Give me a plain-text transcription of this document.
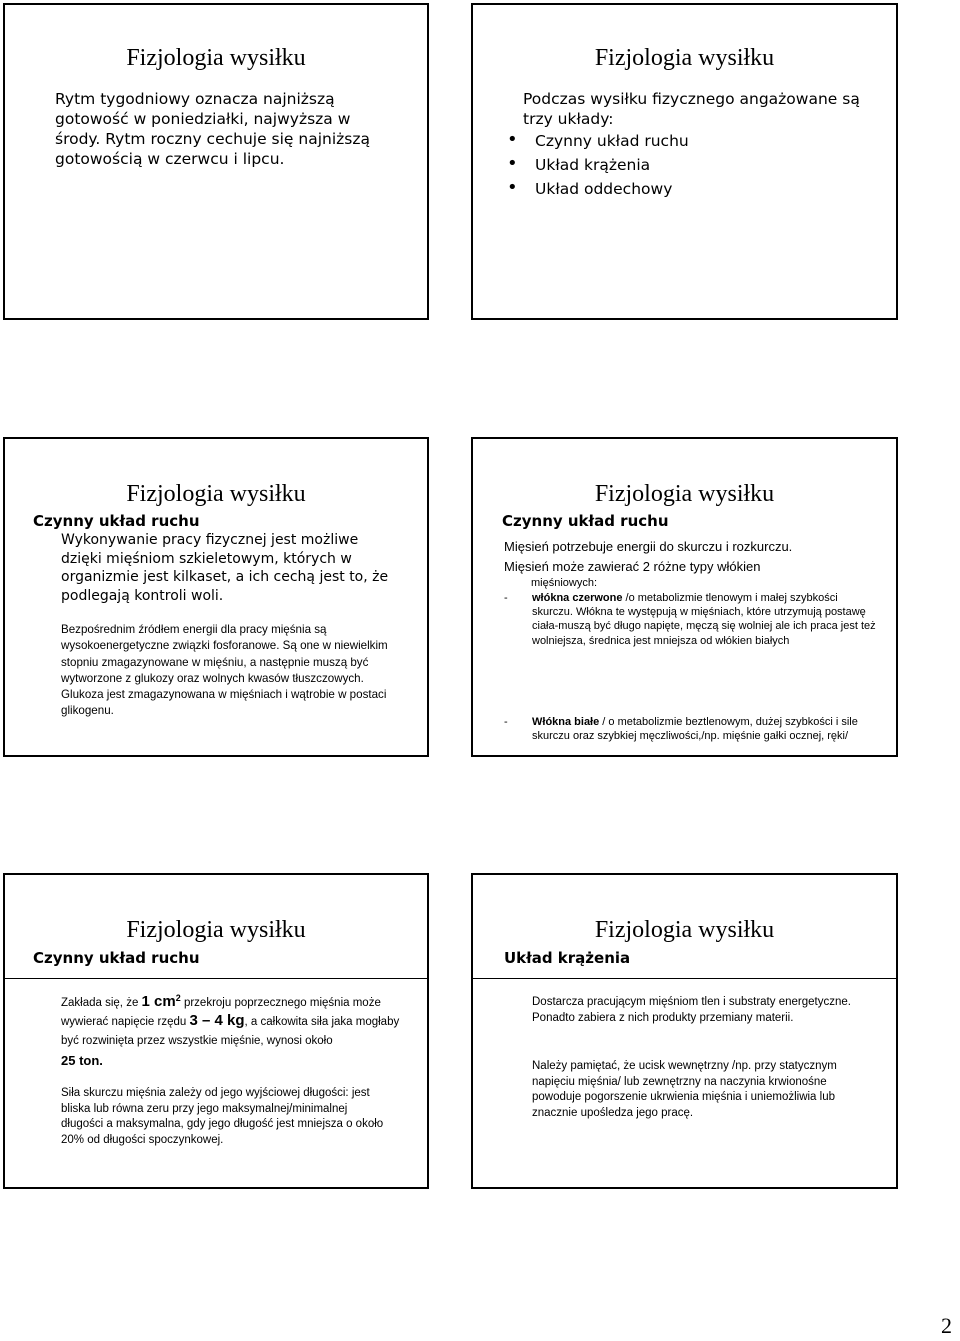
Fizjologia wysiłku
Rytm tygodniowy oznacza najniższą gotowość w poniedziałki, najwyższa w środy. Rytm roczny cechuje się najniższą gotowością w czerwcu i lipcu.
Fizjologia wysiłku
Podczas wysiłku fizycznego angażowane są trzy układy:
• Czynny układ ruchu
• Układ krążenia
• Układ oddechowy
Fizjologia wysiłku
Czynny układ ruchu
Wykonywanie pracy fizycznej jest możliwe dzięki mięśniom szkieletowym, których w organizmie jest kilkaset, a ich cechą jest to, że podlegają kontroli woli.
Bezpośrednim źródłem energii dla pracy mięśnia są wysokoenergetyczne związki fosforanowe. Są one w niewielkim stopniu zmagazynowane w mięśniu, a następnie muszą być wytworzone z glukozy oraz wolnych kwasów tłuszczowych. Glukoza jest zmagazynowana w mięśniach i wątrobie w postaci glikogenu.
Fizjologia wysiłku
Czynny układ ruchu
Mięsień potrzebuje energii do skurczu i rozkurczu.
Mięsień może zawierać 2 różne typy włókien
mięśniowych:
- włókna czerwone /o metabolizmie tlenowym i małej szybkości skurczu. Włókna te występują w mięśniach, które utrzymują postawę ciała-muszą być długo napięte, męczą się wolniej ale ich praca jest też wolniejsza, średnica jest mniejsza od włókien białych
- Włókna białe / o metabolizmie beztlenowym, dużej szybkości i sile skurczu oraz szybkiej męczliwości,/np. mięśnie gałki ocznej, ręki/
Fizjologia wysiłku
Czynny układ ruchu
Zakłada się, że 1 $cm^2$ przekroju poprzecznego mięśnia może wywierać napięcie rzędu 3 – 4 kg, a całkowita siła jaka mogłaby być rozwinięta przez wszystkie mięśnie, wynosi około
25 ton.
Siła skurczu mięśnia zależy od jego wyjściowej długości: jest bliska lub równa zeru przy jego maksymalnej/minimalnej długości a maksymalna, gdy jego długość jest mniejsza o około 20% od długości spoczynkowej.
Fizjologia wysiłku
Układ krążenia
Dostarcza pracującym mięśniom tlen i substraty energetyczne. Ponadto zabiera z nich produkty przemiany materii.
Należy pamiętać, że ucisk wewnętrzny /np. przy statycznym napięciu mięśnia/ lub zewnętrzny na naczynia krwionośne powoduje pogorszenie ukrwienia mięśnia i uniemożliwia lub znacznie upośledza jego pracę.
2
